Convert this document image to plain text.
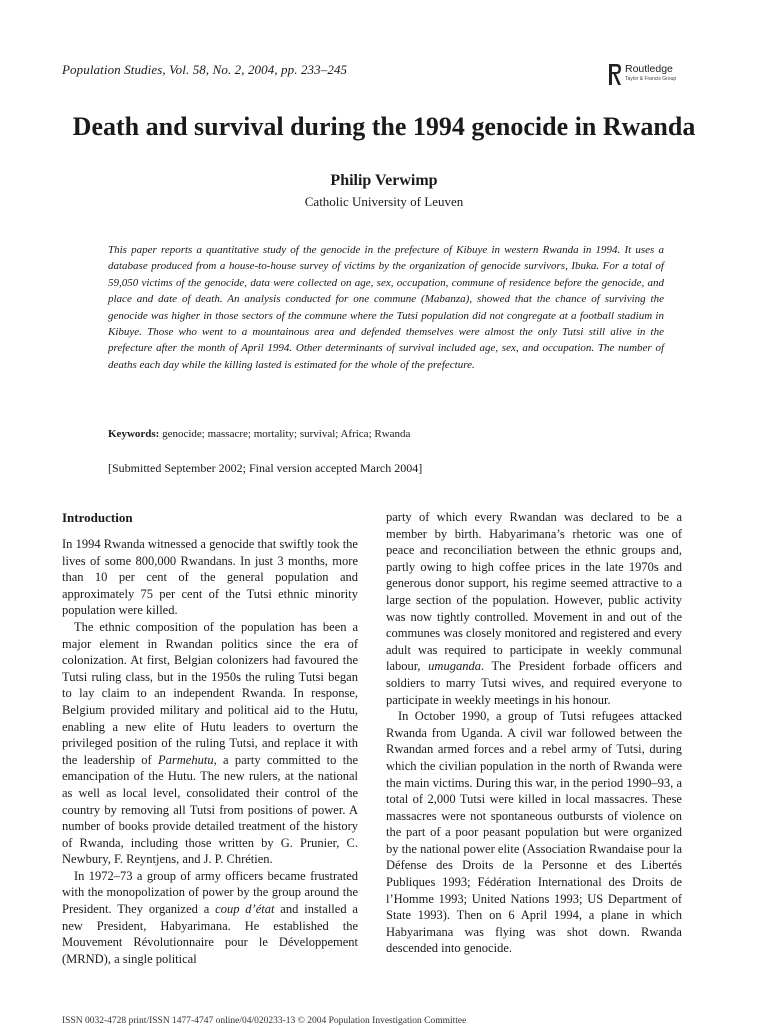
Population Studies, Vol. 58, No. 2, 2004, pp. 233–245	Routledge
Taylor & Francis Group
Death and survival during the 1994 genocide in Rwanda
Philip Verwimp
Catholic University of Leuven

This paper reports a quantitative study of the genocide in the prefecture of Kibuye in western Rwanda in 1994. It uses a database produced from a house-to-house survey of victims by the organization of genocide survivors, Ibuka. For a total of 59,050 victims of the genocide, data were collected on age, sex, occupation, commune of residence before the genocide, and place and date of death. An analysis conducted for one commune (Mabanza), showed that the chance of surviving the genocide was higher in those sectors of the commune where the Tutsi population did not congregate at a football stadium in Kibuye. Those who went to a mountainous area and defended themselves were almost the only Tutsi still alive in the prefecture after the month of April 1994. Other determinants of survival included age, sex, and occupation. The number of deaths each day while the killing lasted is estimated for the whole of the prefecture.

Keywords: genocide; massacre; mortality; survival; Africa; Rwanda
[Submitted September 2002; Final version accepted March 2004]
Introduction

In 1994 Rwanda witnessed a genocide that swiftly took the lives of some 800,000 Rwandans. In just 3 months, more than 10 per cent of the general population and approximately 75 per cent of the Tutsi ethnic minority population were killed.

The ethnic composition of the population has been a major element in Rwandan politics since the era of colonization. At first, Belgian colonizers had favoured the Tutsi ruling class, but in the 1950s the ruling Tutsi began to lay claim to an independent Rwanda. In response, Belgium provided military and political aid to the Hutu, enabling a new elite of Hutu leaders to overturn the privileged position of the ruling Tutsi, and replace it with the leadership of Parmehutu, a party committed to the emancipation of the Hutu. The new rulers, at the national as well as local level, consolidated their control of the country by removing all Tutsi from positions of power. A number of books provide detailed treatment of the history of Rwanda, including those written by G. Prunier, C. Newbury, F. Reyntjens, and J. P. Chrétien.

In 1972–73 a group of army officers became frustrated with the monopolization of power by the group around the President. They organized a coup d’état and installed a new President, Habyarimana. He established the Mouvement Révolutionnaire pour le Développement (MRND), a single political

party of which every Rwandan was declared to be a member by birth. Habyarimana’s rhetoric was one of peace and reconciliation between the ethnic groups and, partly owing to high coffee prices in the late 1970s and generous donor support, his regime seemed attractive to a large section of the population. However, public activity was now tightly controlled. Movement in and out of the communes was closely monitored and registered and every adult was required to participate in weekly communal labour, umuganda. The President forbade officers and soldiers to marry Tutsi wives, and required everyone to participate in weekly meetings in his honour.

In October 1990, a group of Tutsi refugees attacked Rwanda from Uganda. A civil war followed between the Rwandan armed forces and a rebel army of Tutsi, during which the civilian population in the north of Rwanda were the main victims. During this war, in the period 1990–93, a total of 2,000 Tutsi were killed in local massacres. These massacres were not spontaneous outbursts of violence on the part of a poor peasant population but were organized by the national power elite (Association Rwandaise pour la Défense des Droits de la Personne et des Libertés Publiques 1993; Fédération International des Droits de l’Homme 1993; United Nations 1993; US Department of State 1993). Then on 6 April 1994, a plane in which Habyarimana was flying was shot down. Rwanda descended into genocide.

ISSN 0032-4728 print/ISSN 1477-4747 online/04/020233-13 © 2004 Population Investigation Committee
